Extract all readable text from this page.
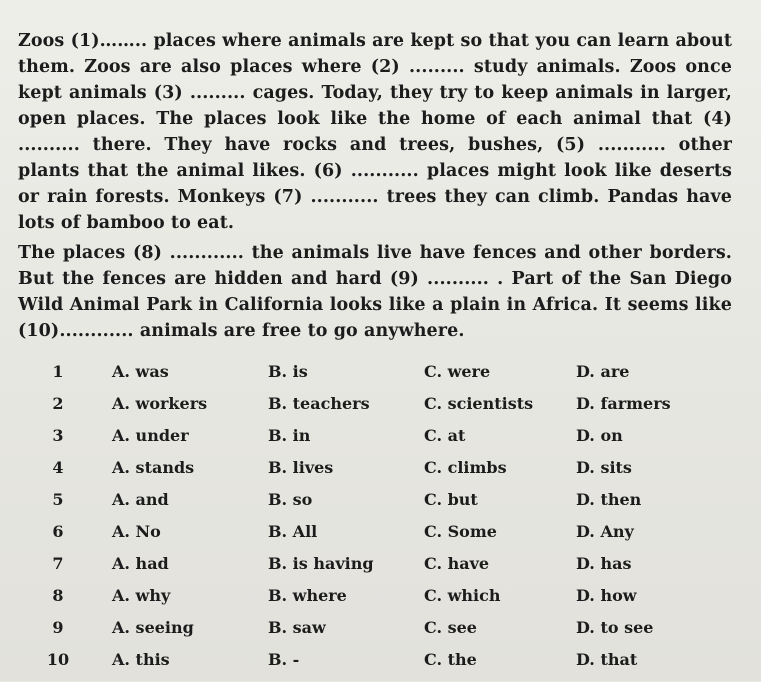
Zoos (1)…….. places where animals are kept so that you can learn about them. Zoos are also places where (2) ......... study animals. Zoos once kept animals (3) ......... cages. Today, they try to keep animals in larger, open places. The places look like the home of each animal that (4) .......... there. They have rocks and trees, bushes, (5) ........... other plants that the animal likes. (6) ........... places might look like deserts or rain forests. Monkeys (7) ........... trees they can climb. Pandas have lots of bamboo to eat.

The places (8) ............ the animals live have fences and other borders. But the fences are hidden and hard (9) .......... . Part of the San Diego Wild Animal Park in California looks like a plain in Africa. It seems like (10)............ animals are free to go anywhere.

1	A. was	B. is	C. were	D. are
2	A. workers	B. teachers	C. scientists	D. farmers
3	A. under	B. in	C. at	D. on
4	A. stands	B. lives	C. climbs	D. sits
5	A. and	B. so	C. but	D. then
6	A. No	B. All	C. Some	D. Any
7	A. had	B. is having	C. have	D. has
8	A. why	B. where	C. which	D. how
9	A. seeing	B. saw	C. see	D. to see
10	A. this	B. -	C. the	D. that
